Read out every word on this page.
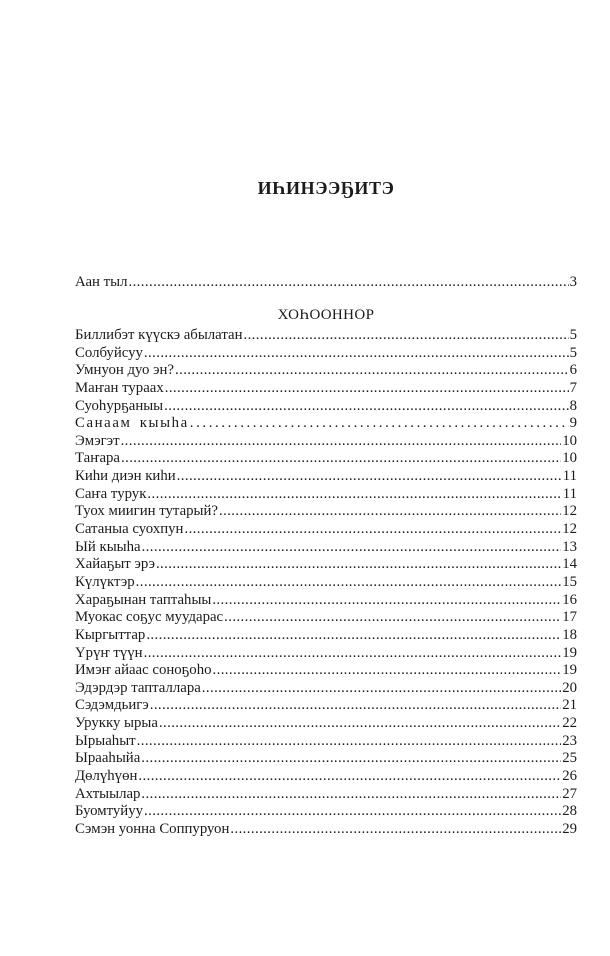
ИҺИНЭЭҔИТЭ
Аан тыл .....	3
ХОҺООННОР
Биллибэт күүскэ абылатан .....	5
Солбуйсуу .....	5
Умнуон дуо эн? .....	6
Маҥан тураах .....	7
Суоһурҕаныы .....	8
Санаам кыыһа .....	9
Эмэгэт .....	10
Таҥара .....	10
Киһи диэн киһи .....	11
Саҥа турук .....	11
Туох миигин тутарый? .....	12
Сатаныа суохпун .....	12
Ый кыыһа .....	13
Хайаҕыт эрэ .....	14
Күлүктэр .....	15
Хараҕынан таптаһыы .....	16
Муокас соҕус муударас .....	17
Кыргыттар .....	18
Үрүҥ түүн .....	19
Имэҥ айаас соноҕоһо .....	19
Эдэрдэр тапталлара .....	20
Сэдэмдьигэ .....	21
Урукку ырыа .....	22
Ырыаһыт .....	23
Ырааһыйа .....	25
Дөлүһүөн .....	26
Ахтыылар .....	27
Буомтуйуу .....	28
Сэмэн уонна Соппуруон .....	29
